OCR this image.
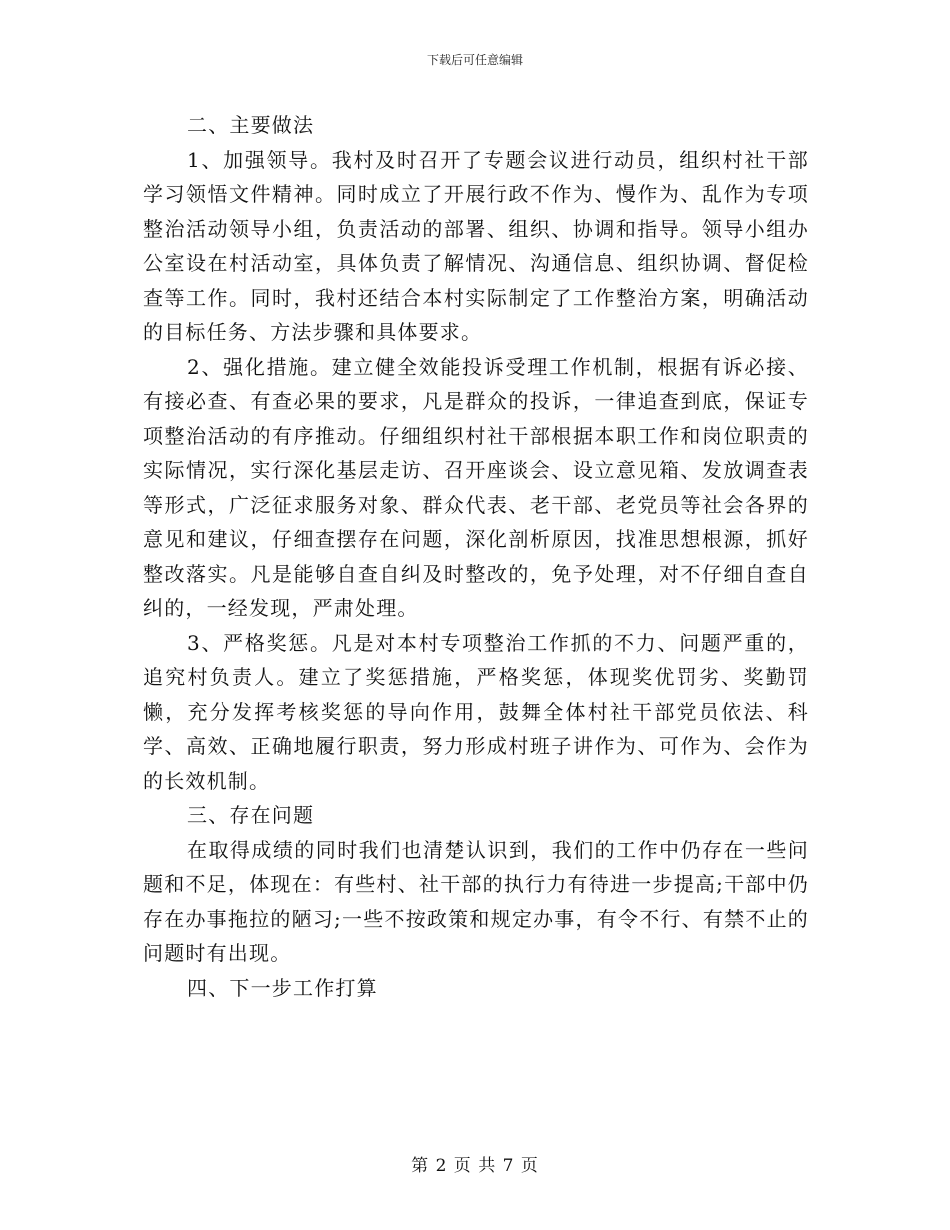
下载后可任意编辑

二、主要做法

1、加强领导。我村及时召开了专题会议进行动员，组织村社干部学习领悟文件精神。同时成立了开展行政不作为、慢作为、乱作为专项整治活动领导小组，负责活动的部署、组织、协调和指导。领导小组办公室设在村活动室，具体负责了解情况、沟通信息、组织协调、督促检查等工作。同时，我村还结合本村实际制定了工作整治方案，明确活动的目标任务、方法步骤和具体要求。

2、强化措施。建立健全效能投诉受理工作机制，根据有诉必接、有接必查、有查必果的要求，凡是群众的投诉，一律追查到底，保证专项整治活动的有序推动。仔细组织村社干部根据本职工作和岗位职责的实际情况，实行深化基层走访、召开座谈会、设立意见箱、发放调查表等形式，广泛征求服务对象、群众代表、老干部、老党员等社会各界的意见和建议，仔细查摆存在问题，深化剖析原因，找准思想根源，抓好整改落实。凡是能够自查自纠及时整改的，免予处理，对不仔细自查自纠的，一经发现，严肃处理。

3、严格奖惩。凡是对本村专项整治工作抓的不力、问题严重的，追究村负责人。建立了奖惩措施，严格奖惩，体现奖优罚劣、奖勤罚懒，充分发挥考核奖惩的导向作用，鼓舞全体村社干部党员依法、科学、高效、正确地履行职责，努力形成村班子讲作为、可作为、会作为的长效机制。

三、存在问题

在取得成绩的同时我们也清楚认识到，我们的工作中仍存在一些问题和不足，体现在：有些村、社干部的执行力有待进一步提高;干部中仍存在办事拖拉的陋习;一些不按政策和规定办事，有令不行、有禁不止的问题时有出现。

四、下一步工作打算

第 2 页 共 7 页
